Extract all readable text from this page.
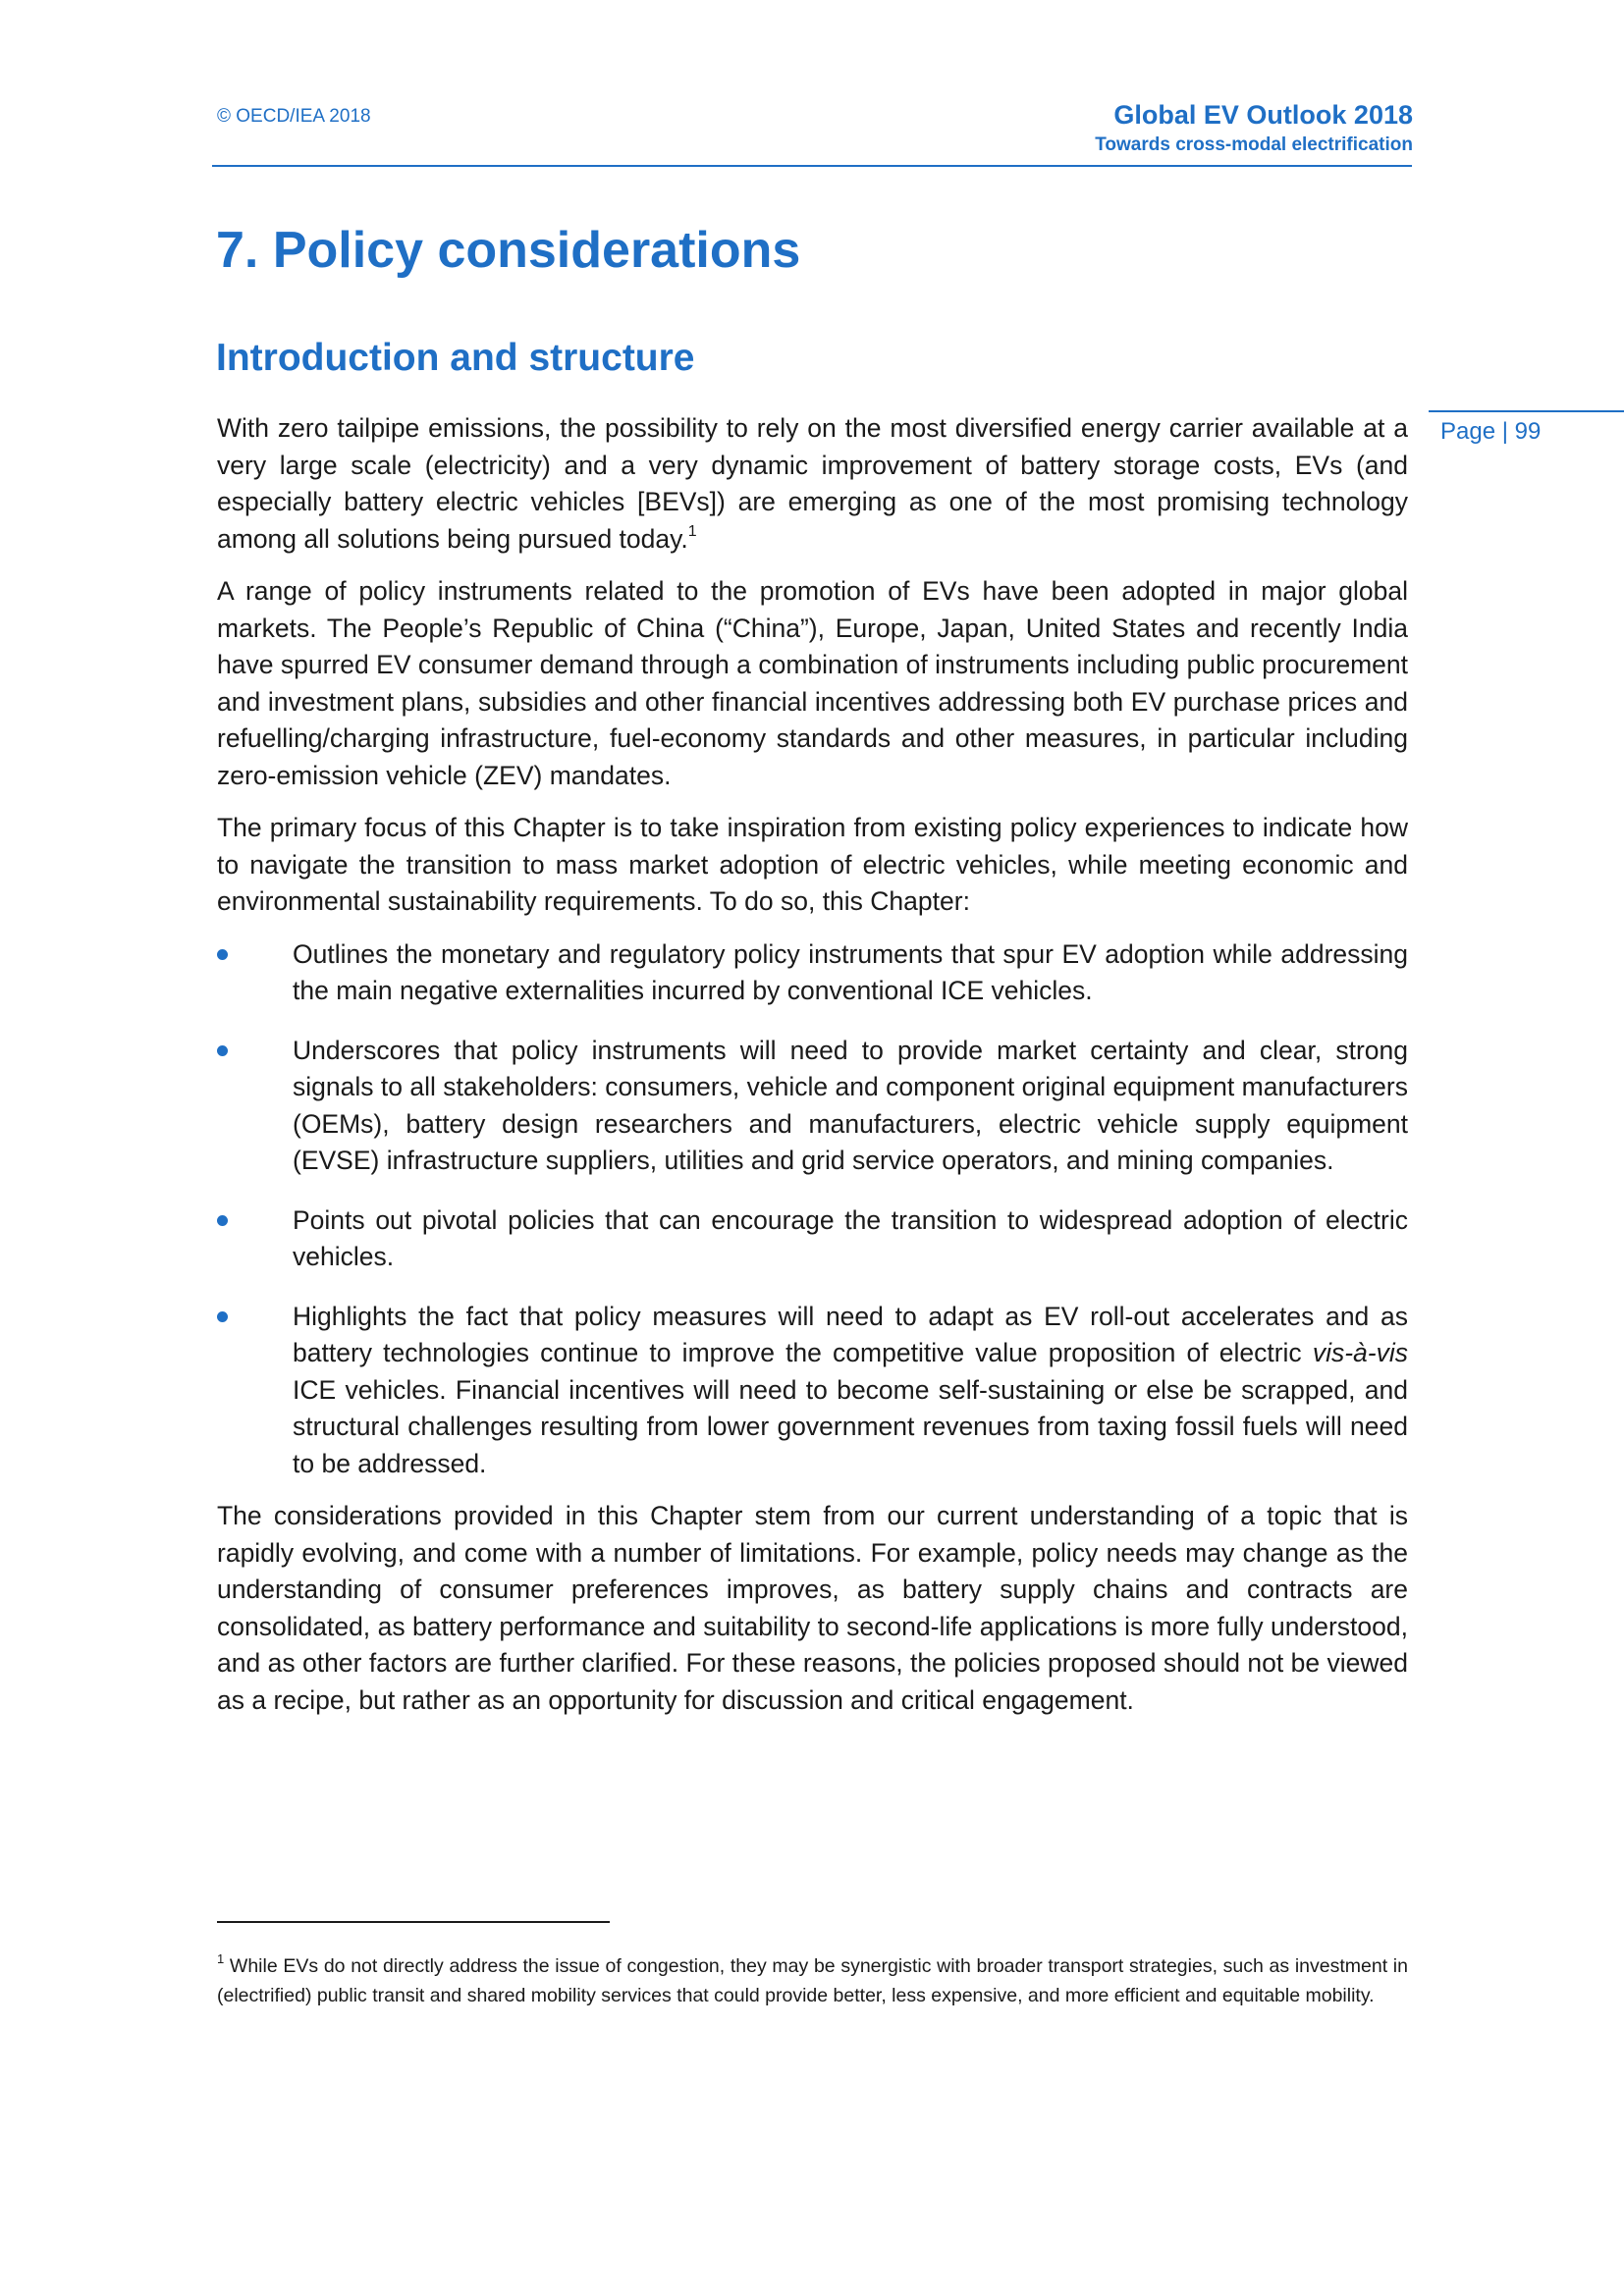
© OECD/IEA 2018	Global EV Outlook 2018
Towards cross-modal electrification
7. Policy considerations
Introduction and structure
Page | 99

With zero tailpipe emissions, the possibility to rely on the most diversified energy carrier available at a very large scale (electricity) and a very dynamic improvement of battery storage costs, EVs (and especially battery electric vehicles [BEVs]) are emerging as one of the most promising technology among all solutions being pursued today.$^1$

A range of policy instruments related to the promotion of EVs have been adopted in major global markets. The People’s Republic of China (“China”), Europe, Japan, United States and recently India have spurred EV consumer demand through a combination of instruments including public procurement and investment plans, subsidies and other financial incentives addressing both EV purchase prices and refuelling/charging infrastructure, fuel-economy standards and other measures, in particular including zero-emission vehicle (ZEV) mandates.

The primary focus of this Chapter is to take inspiration from existing policy experiences to indicate how to navigate the transition to mass market adoption of electric vehicles, while meeting economic and environmental sustainability requirements. To do so, this Chapter:

Outlines the monetary and regulatory policy instruments that spur EV adoption while addressing the main negative externalities incurred by conventional ICE vehicles.
Underscores that policy instruments will need to provide market certainty and clear, strong signals to all stakeholders: consumers, vehicle and component original equipment manufacturers (OEMs), battery design researchers and manufacturers, electric vehicle supply equipment (EVSE) infrastructure suppliers, utilities and grid service operators, and mining companies.
Points out pivotal policies that can encourage the transition to widespread adoption of electric vehicles.
Highlights the fact that policy measures will need to adapt as EV roll-out accelerates and as battery technologies continue to improve the competitive value proposition of electric vis-à-vis ICE vehicles. Financial incentives will need to become self-sustaining or else be scrapped, and structural challenges resulting from lower government revenues from taxing fossil fuels will need to be addressed.

The considerations provided in this Chapter stem from our current understanding of a topic that is rapidly evolving, and come with a number of limitations. For example, policy needs may change as the understanding of consumer preferences improves, as battery supply chains and contracts are consolidated, as battery performance and suitability to second-life applications is more fully understood, and as other factors are further clarified. For these reasons, the policies proposed should not be viewed as a recipe, but rather as an opportunity for discussion and critical engagement.

$^1$ While EVs do not directly address the issue of congestion, they may be synergistic with broader transport strategies, such as investment in (electrified) public transit and shared mobility services that could provide better, less expensive, and more efficient and equitable mobility.
